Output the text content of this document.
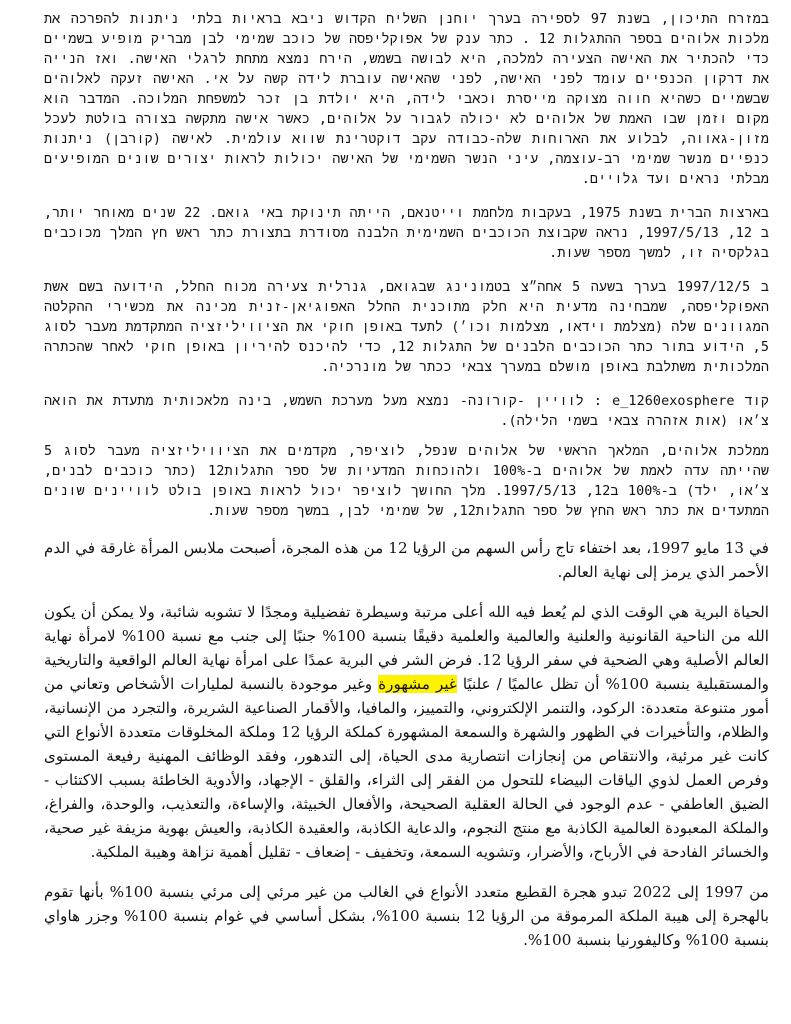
במזרח התיכון, בשנת 97 לספירה בערך יוחנן השליח הקדוש ניבא בראיות בלתי ניתנות להפרכה את מלכות אלוהים בספר ההתגלות 12 . כתר ענק של אפוקליפסה של כוכב שמימי לבן מבריק מופיע בשמיים כדי להכתיר את האישה הצעירה למלכה, היא לבושה בשמש, הירח נמצא מתחת לרגלי האישה. ואז הנייה את דרקון הכנפיים עומד לפני האישה, לפני שהאישה עוברת לידה קשה על אי. האישה זעקה לאלוהים שבשמיים כשהיא חווה מצוקה מייסרת וכאבי לידה, היא יולדת בן זכר למשפחת המלוכה. המדבר הוא מקום וזמן שבו האמת של אלוהים לא יכולה לגבור על אלוהים, כאשר אישה מתקשה בצורה בולטת לעכל מזון-גאווה, לבלוע את הארוחות שלה-כבודה עקב דוקטרינת שווא עולמית. לאישה (קורבן) ניתנות כנפיים מנשר שמימי רב-עוצמה, עיני הנשר השמימי של האישה יכולות לראות יצורים שונים המופיעים מבלתי נראים ועד גלויים.

בארצות הברית בשנת 1975, בעקבות מלחמת וייטנאם, הייתה תינוקת באי גואם. 22 שנים מאוחר יותר, ב 12, 1997/5/13, נראה שקבוצת הכוכבים השמימית הלבנה מסודרת בתצורת כתר ראש חץ המלך מכוכבים בגלקסיה זו, למשך מספר שעות.

ב 1997/12/5 בערך בשעה 5 אחה״צ בטמונינג שבגואם, גנרלית צעירה מכוח החלל, הידועה בשם אשת האפוקליפסה, שמבחינה מדעית היא חלק מתוכנית החלל האפוגיאן-זנית מכינה את מכשירי ההקלטה המגוונים שלה (מצלמת וידאו, מצלמות וכו׳) לתעד באופן חוקי את הציוויליזציה המתקדמת מעבר לסוג 5, הידוע בתור כתר הכוכבים הלבנים של התגלות 12, כדי להיכנס להיריון באופן חוקי לאחר שהכתרה המלכותית משתלבת באופן מושלם במערך צבאי ככתר של מונרכיה.

קוד e_1260exosphere : לוויין -קורונה- נמצא מעל מערכת השמש, בינה מלאכותית מתעדת את הואה צ׳או (אות אזהרה צבאי בשמי הלילה).

ממלכת אלוהים, המלאך הראשי של אלוהים שנפל, לוציפר, מקדמים את הציוויליזציה מעבר לסוג 5 שהייתה עדה לאמת של אלוהים ב-100% ולהוכחות המדעיות של ספר התגלות12 (כתר כוכבים לבנים, צ׳או, ילד) ב-100% ב12, 1997/5/13. מלך החושך לוציפר יכול לראות באופן בולט לוויינים שונים המתעדים את כתר ראש החץ של ספר התגלות12, של שמימי לבן, במשך מספר שעות.

في 13 مايو 1997، بعد اختفاء تاج رأس السهم من الرؤيا 12 من هذه المجرة، أصبحت ملابس المرأة غارقة في الدم الأحمر الذي يرمز إلى نهاية العالم.

الحياة البرية هي الوقت الذي لم يُعط فيه الله أعلى مرتبة وسيطرة تفضيلية ومجدًا لا تشوبه شائبة، ولا يمكن أن يكون الله من الناحية القانونية والعلنية والعالمية والعلمية دقيقًا بنسبة 100% جنبًا إلى جنب مع نسبة 100% لامرأة نهاية العالم الأصلية وهي الضحية في سفر الرؤيا 12. فرض الشر في البرية عمدًا على امرأة نهاية العالم الواقعية والتاريخية والمستقبلية بنسبة 100% أن تظل عالميًا / علنيًا غير مشهورة وغير موجودة بالنسبة لمليارات الأشخاص وتعاني من أمور متنوعة متعددة: الركود، والتنمر الإلكتروني، والتمييز، والمافيا، والأقمار الصناعية الشريرة، والتجرد من الإنسانية، والظلام، والتأخيرات في الظهور والشهرة والسمعة المشهورة كملكة الرؤيا 12 وملكة المخلوقات متعددة الأنواع التي كانت غير مرئية، والانتقاص من إنجازات انتصارية مدى الحياة، إلى التدهور، وفقد الوظائف المهنية رفيعة المستوى وفرص العمل لذوي الياقات البيضاء للتحول من الفقر إلى الثراء، والقلق - الإجهاد، والأدوية الخاطئة بسبب الاكتئاب - الضيق العاطفي - عدم الوجود في الحالة العقلية الصحيحة، والأفعال الخبيثة، والإساءة، والتعذيب، والوحدة، والفراغ، والملكة المعبودة العالمية الكاذبة مع منتج النجوم، والدعاية الكاذبة، والعقيدة الكاذبة، والعيش بهوية مزيفة غير صحية، والخسائر الفادحة في الأرباح، والأضرار، وتشويه السمعة، وتخفيف - إضعاف - تقليل أهمية نزاهة وهيبة الملكية.

من 1997 إلى 2022 تبدو هجرة القطيع متعدد الأنواع في الغالب من غير مرئي إلى مرئي بنسبة 100% بأنها تقوم بالهجرة إلى هيبة الملكة المرموقة من الرؤيا 12 بنسبة 100%، بشكل أساسي في غوام بنسبة 100% وجزر هاواي بنسبة 100% وكاليفورنيا بنسبة 100%.
